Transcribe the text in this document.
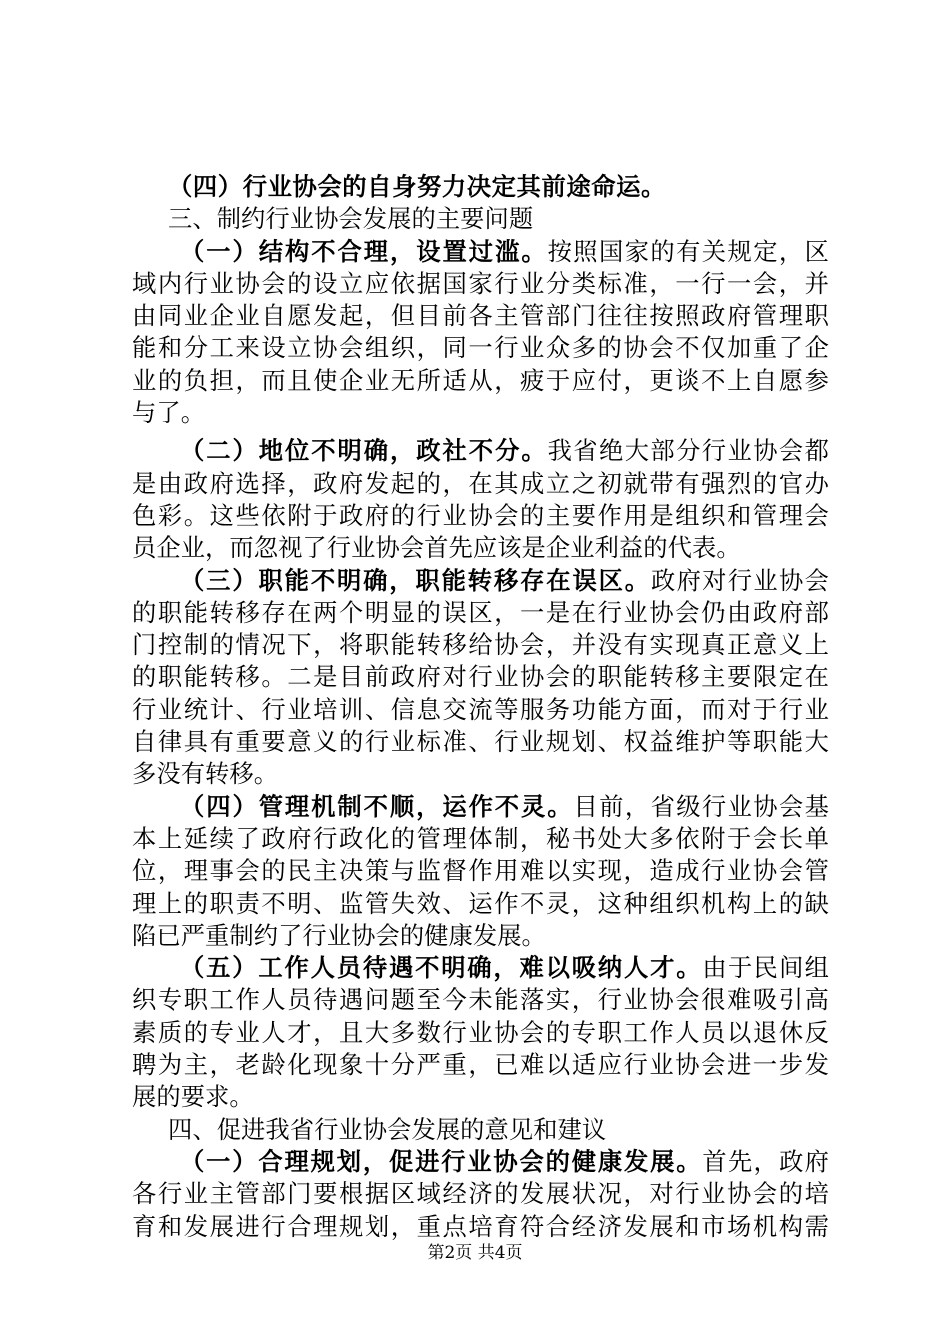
（四）行业协会的自身努力决定其前途命运。
三、制约行业协会发展的主要问题
（一）结构不合理，设置过滥。按照国家的有关规定，区
域内行业协会的设立应依据国家行业分类标准，一行一会，并
由同业企业自愿发起，但目前各主管部门往往按照政府管理职
能和分工来设立协会组织，同一行业众多的协会不仅加重了企
业的负担，而且使企业无所适从，疲于应付，更谈不上自愿参
与了。
（二）地位不明确，政社不分。我省绝大部分行业协会都
是由政府选择，政府发起的，在其成立之初就带有强烈的官办
色彩。这些依附于政府的行业协会的主要作用是组织和管理会
员企业，而忽视了行业协会首先应该是企业利益的代表。
（三）职能不明确，职能转移存在误区。政府对行业协会
的职能转移存在两个明显的误区，一是在行业协会仍由政府部
门控制的情况下，将职能转移给协会，并没有实现真正意义上
的职能转移。二是目前政府对行业协会的职能转移主要限定在
行业统计、行业培训、信息交流等服务功能方面，而对于行业
自律具有重要意义的行业标准、行业规划、权益维护等职能大
多没有转移。
（四）管理机制不顺，运作不灵。目前，省级行业协会基
本上延续了政府行政化的管理体制，秘书处大多依附于会长单
位，理事会的民主决策与监督作用难以实现，造成行业协会管
理上的职责不明、监管失效、运作不灵，这种组织机构上的缺
陷已严重制约了行业协会的健康发展。
（五）工作人员待遇不明确，难以吸纳人才。由于民间组
织专职工作人员待遇问题至今未能落实，行业协会很难吸引高
素质的专业人才，且大多数行业协会的专职工作人员以退休反
聘为主，老龄化现象十分严重，已难以适应行业协会进一步发
展的要求。
四、促进我省行业协会发展的意见和建议
（一）合理规划，促进行业协会的健康发展。首先，政府
各行业主管部门要根据区域经济的发展状况，对行业协会的培
育和发展进行合理规划，重点培育符合经济发展和市场机构需
第2页 共4页
